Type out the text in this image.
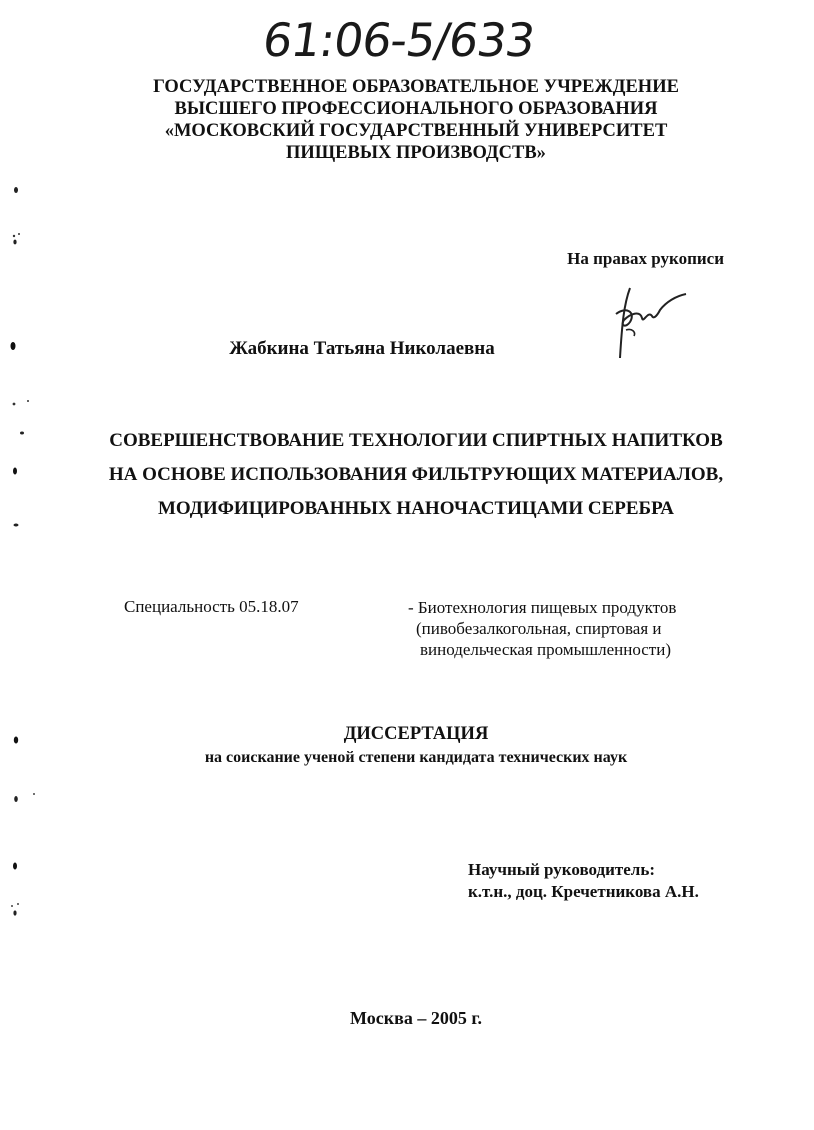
61:06-5/633
ГОСУДАРСТВЕННОЕ ОБРАЗОВАТЕЛЬНОЕ УЧРЕЖДЕНИЕ
ВЫСШЕГО ПРОФЕССИОНАЛЬНОГО ОБРАЗОВАНИЯ
«МОСКОВСКИЙ ГОСУДАРСТВЕННЫЙ УНИВЕРСИТЕТ
ПИЩЕВЫХ ПРОИЗВОДСТВ»
На правах рукописи
Жабкина Татьяна Николаевна
СОВЕРШЕНСТВОВАНИЕ ТЕХНОЛОГИИ СПИРТНЫХ НАПИТКОВ
НА ОСНОВЕ ИСПОЛЬЗОВАНИЯ ФИЛЬТРУЮЩИХ МАТЕРИАЛОВ,
МОДИФИЦИРОВАННЫХ НАНОЧАСТИЦАМИ СЕРЕБРА
Специальность 05.18.07	- Биотехнология пищевых продуктов
(пивобезалкогольная, спиртовая и
винодельческая промышленности)
ДИССЕРТАЦИЯ
на соискание ученой степени кандидата технических наук
Научный руководитель:
к.т.н., доц. Кречетникова А.Н.
Москва – 2005 г.
